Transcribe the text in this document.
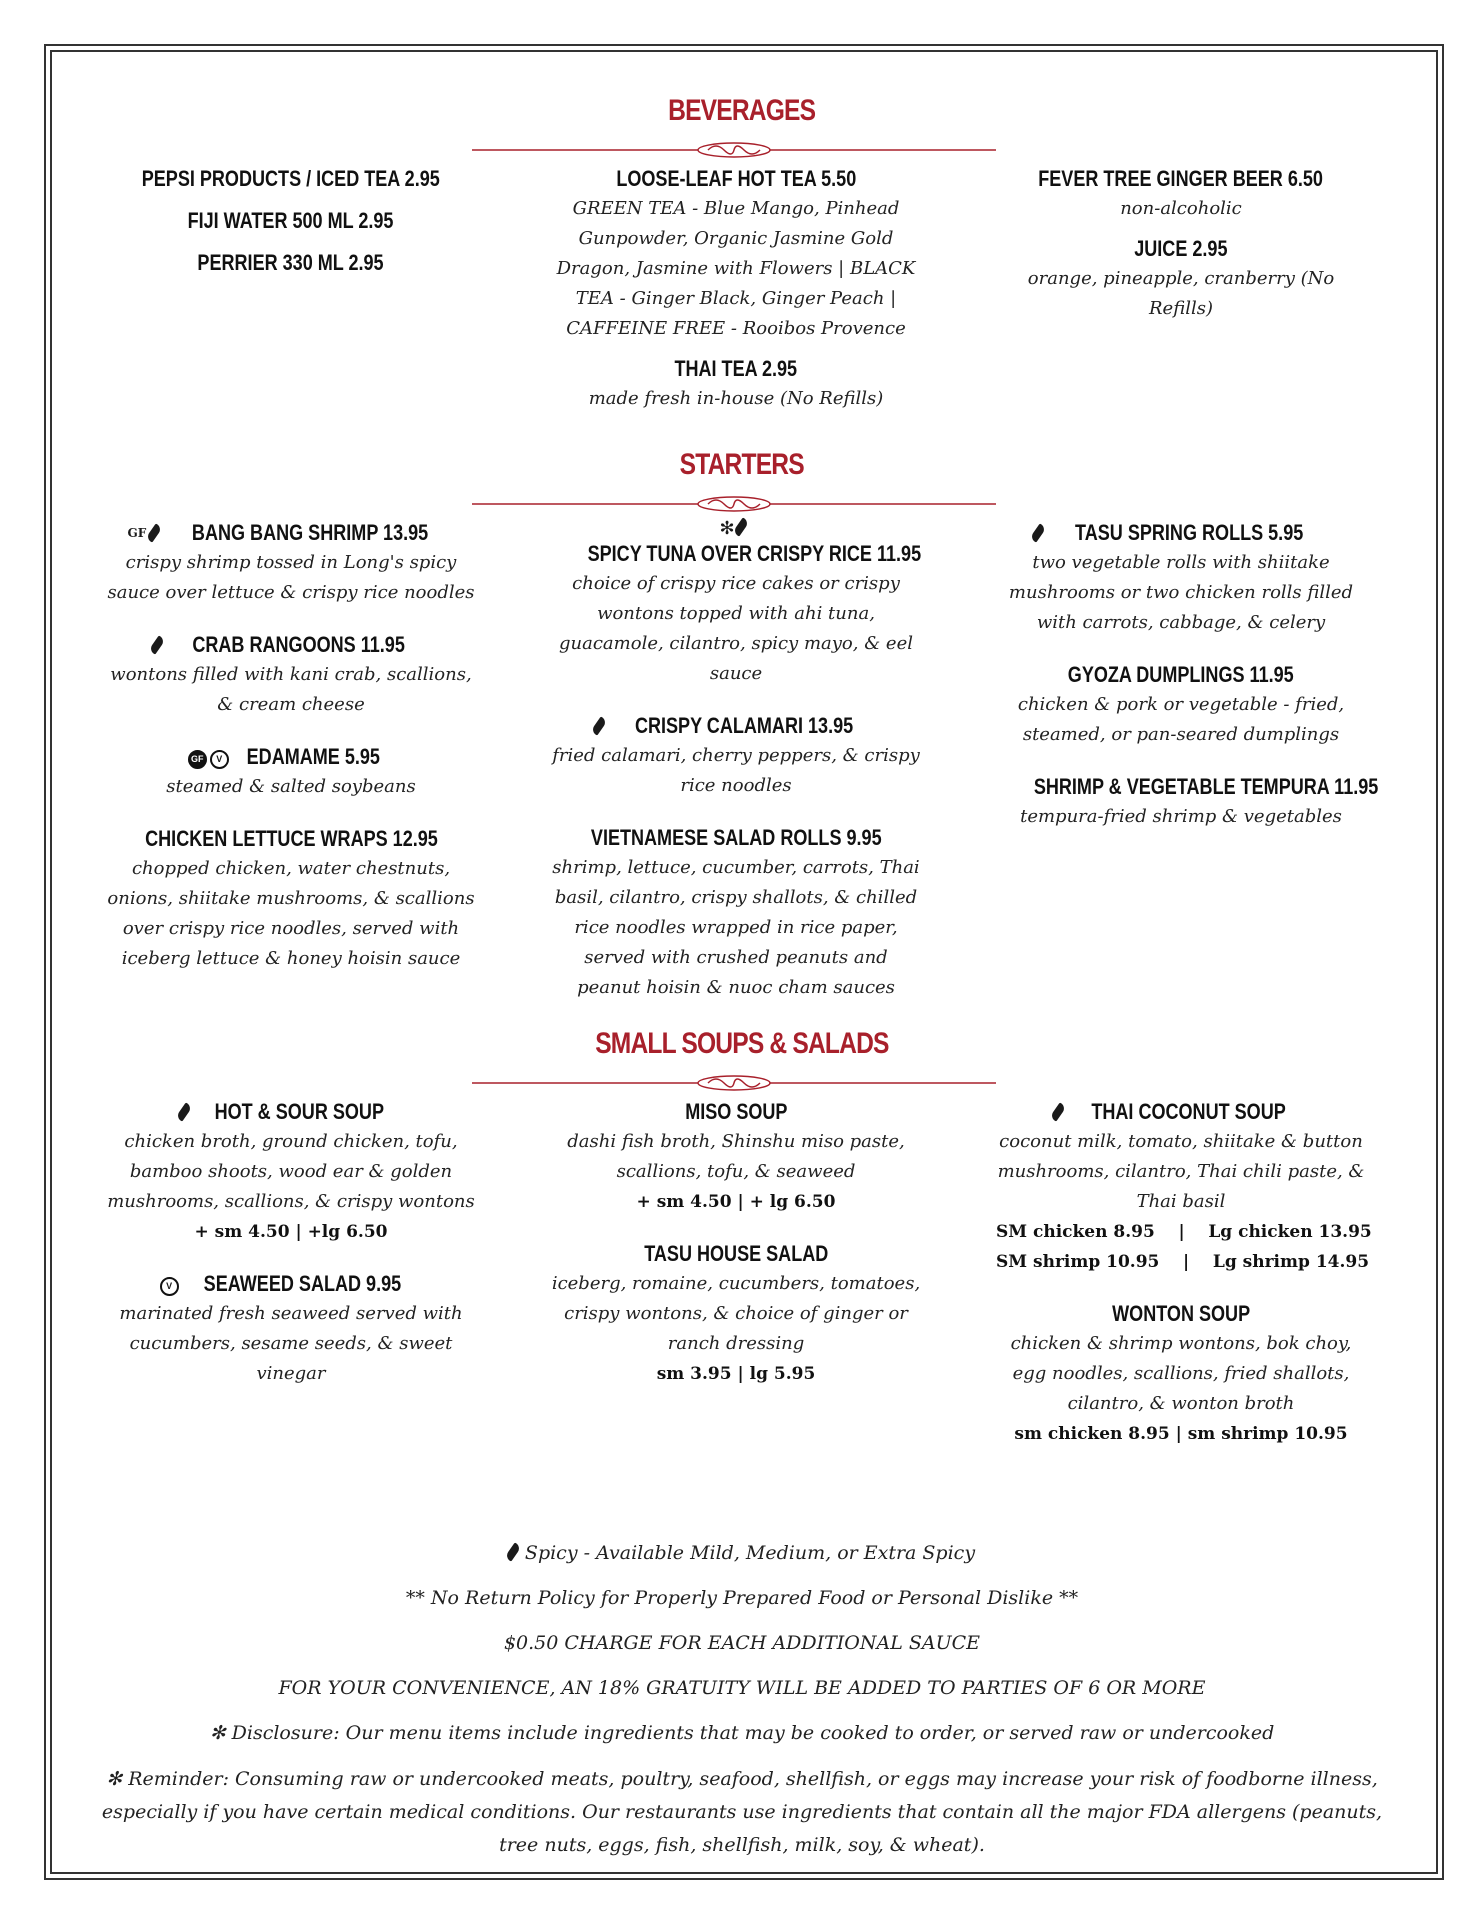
BEVERAGES
PEPSI PRODUCTS / ICED TEA 2.95
FIJI WATER 500 ML 2.95
PERRIER 330 ML 2.95
LOOSE-LEAF HOT TEA 5.50
GREEN TEA - Blue Mango, Pinhead Gunpowder, Organic Jasmine Gold Dragon, Jasmine with Flowers | BLACK TEA - Ginger Black, Ginger Peach | CAFFEINE FREE - Rooibos Provence
THAI TEA 2.95
made fresh in-house (No Refills)
FEVER TREE GINGER BEER 6.50
non-alcoholic
JUICE 2.95
orange, pineapple, cranberry (No Refills)
STARTERS
GF BANG BANG SHRIMP 13.95
crispy shrimp tossed in Long's spicy sauce over lettuce & crispy rice noodles
CRAB RANGOONS 11.95
wontons filled with kani crab, scallions, & cream cheese
GF V EDAMAME 5.95
steamed & salted soybeans
CHICKEN LETTUCE WRAPS 12.95
chopped chicken, water chestnuts, onions, shiitake mushrooms, & scallions over crispy rice noodles, served with iceberg lettuce & honey hoisin sauce
✻SPICY TUNA OVER CRISPY RICE 11.95
choice of crispy rice cakes or crispy wontons topped with ahi tuna, guacamole, cilantro, spicy mayo, & eel sauce
CRISPY CALAMARI 13.95
fried calamari, cherry peppers, & crispy rice noodles
VIETNAMESE SALAD ROLLS 9.95
shrimp, lettuce, cucumber, carrots, Thai basil, cilantro, crispy shallots, & chilled rice noodles wrapped in rice paper, served with crushed peanuts and peanut hoisin & nuoc cham sauces
TASU SPRING ROLLS 5.95
two vegetable rolls with shiitake mushrooms or two chicken rolls filled with carrots, cabbage, & celery
GYOZA DUMPLINGS 11.95
chicken & pork or vegetable - fried, steamed, or pan-seared dumplings
SHRIMP & VEGETABLE TEMPURA 11.95
tempura-fried shrimp & vegetables
SMALL SOUPS & SALADS
HOT & SOUR SOUP
chicken broth, ground chicken, tofu, bamboo shoots, wood ear & golden mushrooms, scallions, & crispy wontons
+ sm 4.50 | +lg 6.50
V SEAWEED SALAD 9.95
marinated fresh seaweed served with cucumbers, sesame seeds, & sweet vinegar
MISO SOUP
dashi fish broth, Shinshu miso paste, scallions, tofu, & seaweed
+ sm 4.50 | + lg 6.50
TASU HOUSE SALAD
iceberg, romaine, cucumbers, tomatoes, crispy wontons, & choice of ginger or ranch dressing
sm 3.95 | lg 5.95
THAI COCONUT SOUP
coconut milk, tomato, shiitake & button mushrooms, cilantro, Thai chili paste, & Thai basil
SM chicken 8.95    |    Lg chicken 13.95
SM shrimp 10.95    |    Lg shrimp 14.95
WONTON SOUP
chicken & shrimp wontons, bok choy, egg noodles, scallions, fried shallots, cilantro, & wonton broth
sm chicken 8.95 | sm shrimp 10.95

Spicy - Available Mild, Medium, or Extra Spicy

** No Return Policy for Properly Prepared Food or Personal Dislike **

$0.50 CHARGE FOR EACH ADDITIONAL SAUCE

FOR YOUR CONVENIENCE, AN 18% GRATUITY WILL BE ADDED TO PARTIES OF 6 OR MORE

✻ Disclosure: Our menu items include ingredients that may be cooked to order, or served raw or undercooked

✻ Reminder: Consuming raw or undercooked meats, poultry, seafood, shellfish, or eggs may increase your risk of foodborne illness, especially if you have certain medical conditions. Our restaurants use ingredients that contain all the major FDA allergens (peanuts, tree nuts, eggs, fish, shellfish, milk, soy, & wheat).
